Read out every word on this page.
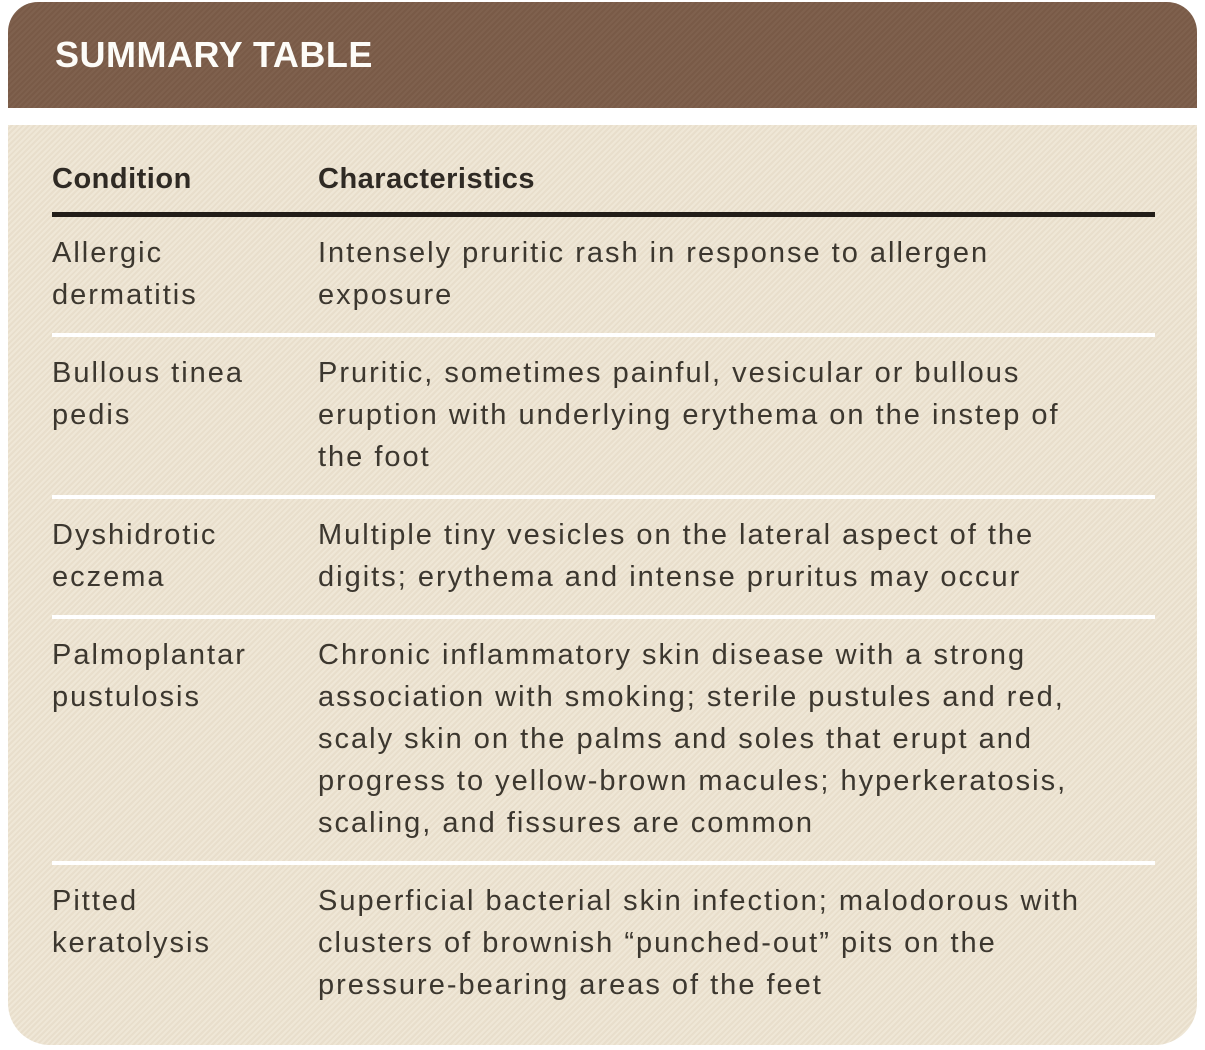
SUMMARY TABLE
Condition	Characteristics
Allergic dermatitis
Intensely pruritic rash in response to allergen exposure
Bullous tinea pedis
Pruritic, sometimes painful, vesicular or bullous eruption with underlying erythema on the instep of the foot
Dyshidrotic eczema
Multiple tiny vesicles on the lateral aspect of the digits; erythema and intense pruritus may occur
Palmoplantar pustulosis
Chronic inflammatory skin disease with a strong association with smoking; sterile pustules and red, scaly skin on the palms and soles that erupt and progress to yellow-brown macules; hyperkeratosis, scaling, and fissures are common
Pitted keratolysis
Superficial bacterial skin infection; malodorous with clusters of brownish “punched-out” pits on the pressure-bearing areas of the feet
